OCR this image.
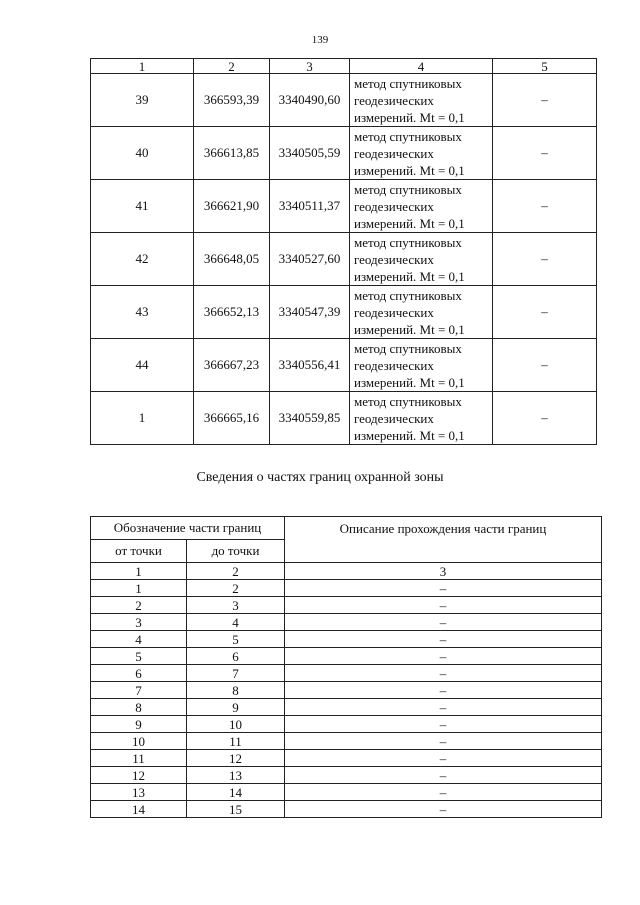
139
1	2	3	4	5
39	366593,39	3340490,60	метод спутниковых
геодезических
измерений. Mt = 0,1	–
40	366613,85	3340505,59	метод спутниковых
геодезических
измерений. Mt = 0,1	–
41	366621,90	3340511,37	метод спутниковых
геодезических
измерений. Mt = 0,1	–
42	366648,05	3340527,60	метод спутниковых
геодезических
измерений. Mt = 0,1	–
43	366652,13	3340547,39	метод спутниковых
геодезических
измерений. Mt = 0,1	–
44	366667,23	3340556,41	метод спутниковых
геодезических
измерений. Mt = 0,1	–
1	366665,16	3340559,85	метод спутниковых
геодезических
измерений. Mt = 0,1	–
Сведения о частях границ охранной зоны
Обозначение части границ		Описание прохождения части границ
от точки	до точки	
1	2	3
1	2	–
2	3	–
3	4	–
4	5	–
5	6	–
6	7	–
7	8	–
8	9	–
9	10	–
10	11	–
11	12	–
12	13	–
13	14	–
14	15	–
